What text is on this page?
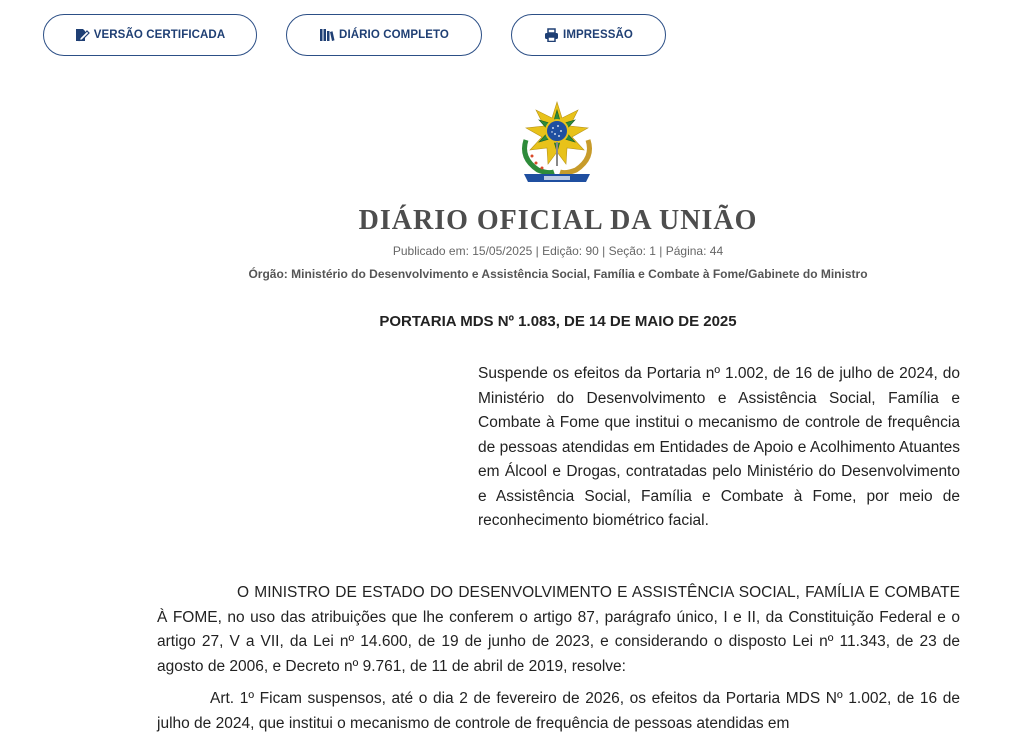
VERSÃO CERTIFICADA	DIÁRIO COMPLETO	IMPRESSÃO
DIÁRIO OFICIAL DA UNIÃO
Publicado em: 15/05/2025 | Edição: 90 | Seção: 1 | Página: 44
Órgão: Ministério do Desenvolvimento e Assistência Social, Família e Combate à Fome/Gabinete do Ministro
PORTARIA MDS Nº 1.083, DE 14 DE MAIO DE 2025
Suspende os efeitos da Portaria nº 1.002, de 16 de julho de 2024, do Ministério do Desenvolvimento e Assistência Social, Família e Combate à Fome que institui o mecanismo de controle de frequência de pessoas atendidas em Entidades de Apoio e Acolhimento Atuantes em Álcool e Drogas, contratadas pelo Ministério do Desenvolvimento e Assistência Social, Família e Combate à Fome, por meio de reconhecimento biométrico facial.
O MINISTRO DE ESTADO DO DESENVOLVIMENTO E ASSISTÊNCIA SOCIAL, FAMÍLIA E COMBATE À FOME, no uso das atribuições que lhe conferem o artigo 87, parágrafo único, I e II, da Constituição Federal e o artigo 27, V a VII, da Lei nº 14.600, de 19 de junho de 2023, e considerando o disposto Lei nº 11.343, de 23 de agosto de 2006, e Decreto nº 9.761, de 11 de abril de 2019, resolve:
Art. 1º Ficam suspensos, até o dia 2 de fevereiro de 2026, os efeitos da Portaria MDS Nº 1.002, de 16 de julho de 2024, que institui o mecanismo de controle de frequência de pessoas atendidas em
